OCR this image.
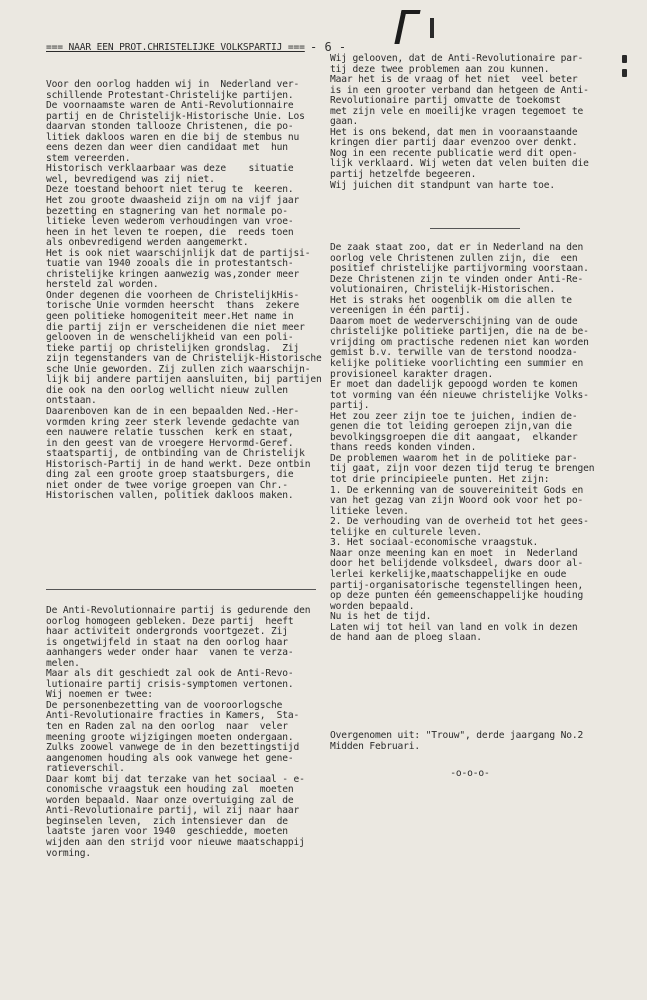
- 6 -
=== NAAR EEN PROT.CHRISTELIJKE VOLKSPARTIJ ===
Voor den oorlog hadden wij in  Nederland ver-
schillende Protestant-Christelijke partijen.
De voornaamste waren de Anti-Revolutionnaire
partij en de Christelijk-Historische Unie. Los
daarvan stonden tallooze Christenen, die po-
litiek dakloos waren en die bij de stembus nu
eens dezen dan weer dien candidaat met  hun
stem vereerden.
Historisch verklaarbaar was deze    situatie
wel, bevredigend was zij niet.
Deze toestand behoort niet terug te  keeren.
Het zou groote dwaasheid zijn om na vijf jaar
bezetting en stagnering van het normale po-
litieke leven wederom verhoudingen van vroe-
heen in het leven te roepen, die  reeds toen
als onbevredigend werden aangemerkt.
Het is ook niet waarschijnlijk dat de partijsi-
tuatie van 1940 zooals die in protestantsch-
christelijke kringen aanwezig was,zonder meer
hersteld zal worden.
Onder degenen die voorheen de ChristelijkHis-
torische Unie vormden heerscht  thans  zekere
geen politieke homogeniteit meer.Het name in
die partij zijn er verscheidenen die niet meer
gelooven in de wenschelijkheid van een poli-
tieke partij op christelijken grondslag.  Zij
zijn tegenstanders van de Christelijk-Historische
sche Unie geworden. Zij zullen zich waarschijn-
lijk bij andere partijen aansluiten, bij partijen
die ook na den oorlog wellicht nieuw zullen
ontstaan.
Daarenboven kan de in een bepaalden Ned.-Her-
vormden kring zeer sterk levende gedachte van
een nauwere relatie tusschen  kerk en staat,
in den geest van de vroegere Hervormd-Geref.
staatspartij, de ontbinding van de Christelijk
Historisch-Partij in de hand werkt. Deze ontbin
ding zal een groote groep staatsburgers, die
niet onder de twee vorige groepen van Chr.-
Historischen vallen, politiek dakloos maken.
De Anti-Revolutionnaire partij is gedurende den
oorlog homogeen gebleken. Deze partij  heeft
haar activiteit ondergronds voortgezet. Zij
is ongetwijfeld in staat na den oorlog haar
aanhangers weder onder haar  vanen te verza-
melen.
Maar als dit geschiedt zal ook de Anti-Revo-
lutionaire partij crisis-symptomen vertonen.
Wij noemen er twee:
De personenbezetting van de vooroorlogsche
Anti-Revolutionaire fracties in Kamers,  Sta-
ten en Raden zal na den oorlog  naar  veler
meening groote wijzigingen moeten ondergaan.
Zulks zoowel vanwege de in den bezettingstijd
aangenomen houding als ook vanwege het gene-
ratieverschil.
Daar komt bij dat terzake van het sociaal - e-
conomische vraagstuk een houding zal  moeten
worden bepaald. Naar onze overtuiging zal de
Anti-Revolutionaire partij, wil zij naar haar
beginselen leven,  zich intensiever dan  de
laatste jaren voor 1940  geschiedde, moeten
wijden aan den strijd voor nieuwe maatschappij
vorming.
Wij gelooven, dat de Anti-Revolutionaire par-
tij deze twee problemen aan zou kunnen.
Maar het is de vraag of het niet  veel beter
is in een grooter verband dan hetgeen de Anti-
Revolutionaire partij omvatte de toekomst
met zijn vele en moeilijke vragen tegemoet te
gaan.
Het is ons bekend, dat men in vooraanstaande
kringen dier partij daar evenzoo over denkt.
Nog in een recente publicatie werd dit open-
lijk verklaard. Wij weten dat velen buiten die
partij hetzelfde begeeren.
Wij juichen dit standpunt van harte toe.
De zaak staat zoo, dat er in Nederland na den
oorlog vele Christenen zullen zijn, die  een
positief christelijke partijvorming voorstaan.
Deze Christenen zijn te vinden onder Anti-Re-
volutionairen, Christelijk-Historischen.
Het is straks het oogenblik om die allen te
vereenigen in één partij.
Daarom moet de wederverschijning van de oude
christelijke politieke partijen, die na de be-
vrijding om practische redenen niet kan worden
gemist b.v. terwille van de terstond noodza-
kelijke politieke voorlichting een summier en
provisioneel karakter dragen.
Er moet dan dadelijk gepoogd worden te komen
tot vorming van één nieuwe christelijke Volks-
partij.
Het zou zeer zijn toe te juichen, indien de-
genen die tot leiding geroepen zijn,van die
bevolkingsgroepen die dit aangaat,  elkander
thans reeds konden vinden.
De problemen waarom het in de politieke par-
tij gaat, zijn voor dezen tijd terug te brengen
tot drie principieele punten. Het zijn:
1. De erkenning van de souvereiniteit Gods en
van het gezag van zijn Woord ook voor het po-
litieke leven.
2. De verhouding van de overheid tot het gees-
telijke en culturele leven.
3. Het sociaal-economische vraagstuk.
Naar onze meening kan en moet  in  Nederland
door het belijdende volksdeel, dwars door al-
lerlei kerkelijke,maatschappelijke en oude
partij-organisatorische tegenstellingen heen,
op deze punten één gemeenschappelijke houding
worden bepaald.
Nu is het de tijd.
Laten wij tot heil van land en volk in dezen
de hand aan de ploeg slaan.
Overgenomen uit: "Trouw", derde jaargang No.2
Midden Februari.
-o-o-o-
